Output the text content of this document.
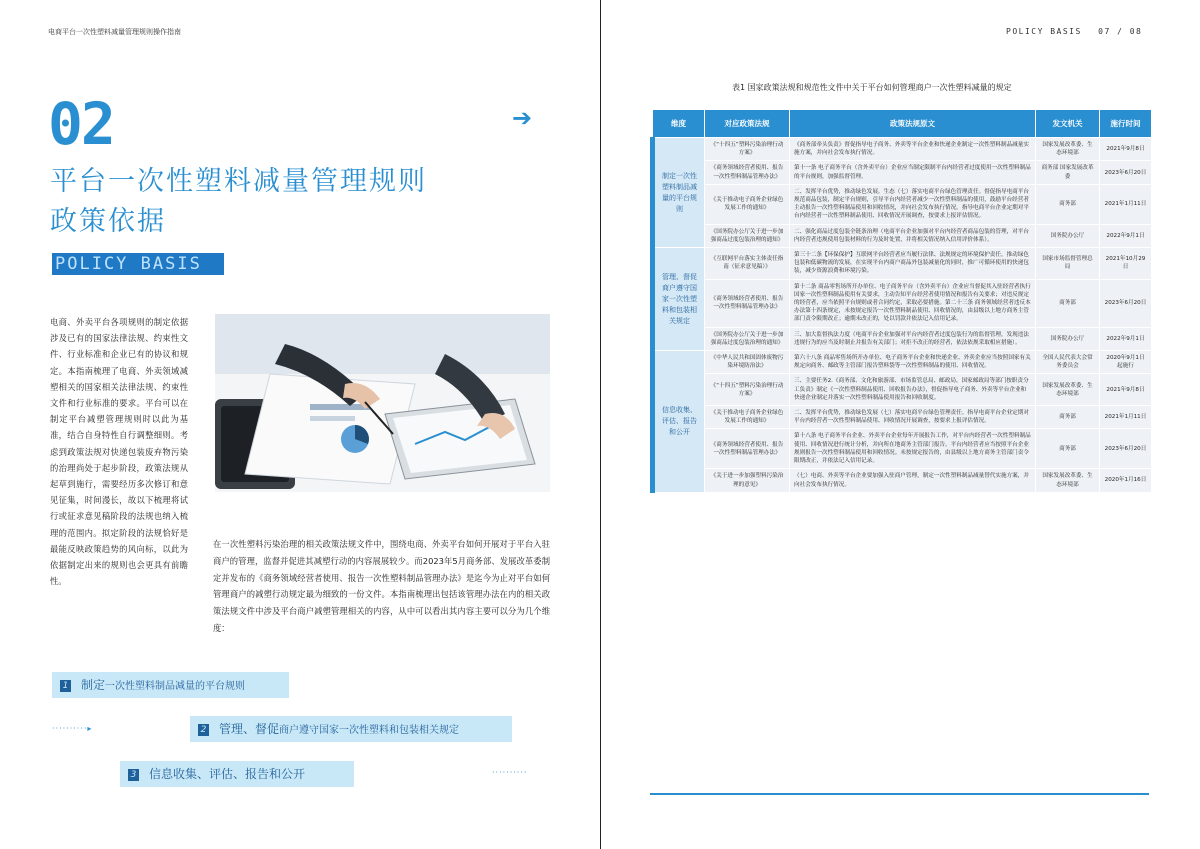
电商平台一次性塑料减量管理规则操作指南
02	➔
平台一次性塑料减量管理规则
政策依据
POLICY BASIS
电商、外卖平台各项规则的制定依据涉及已有的国家法律法规、约束性文件、行业标准和企业已有的协议和规定。本指南梳理了电商、外卖领域减塑相关的国家相关法律法规、约束性文件和行业标准的要求。平台可以在制定平台减塑管理规则时以此为基准，结合自身特性自行调整细则。考虑到政策法规对快递包装废弃物污染的治理尚处于起步阶段，政策法规从起草到施行，需要经历多次修订和意见征集，时间漫长，故以下梳理将试行或征求意见稿阶段的法规也纳入梳理的范围内。拟定阶段的法规恰好是最能反映政策趋势的风向标，以此为依据制定出来的规则也会更具有前瞻性。
在一次性塑料污染治理的相关政策法规文件中，围绕电商、外卖平台如何开展对于平台入驻商户的管理，监督并促进其减塑行动的内容展展较少。而2023年5月商务部、发展改革委制定并发布的《商务领域经营者使用、报告一次性塑料制品管理办法》是迄今为止对平台如何管理商户的减塑行动规定最为细致的一份文件。本指南梳理出包括该管理办法在内的相关政策法规文件中涉及平台商户减塑管理相关的内容，从中可以看出其内容主要可以分为几个维度：
1 制定一次性塑料制品减量的平台规则
··········▸	2 管理、督促商户遵守国家一次性塑料和包装相关规定
3 信息收集、评估、报告和公开	··········
POLICY BASIS 07 / 08
表1 国家政策法规和规范性文件中关于平台如何管理商户一次性塑料减量的规定
维度	对应政策法规	政策法规原文	发文机关	施行时间
制定一次性塑料制品减量的平台规则	《“十四五”塑料污染治理行动方案》	《商务部牵头负责》督促指导电子商务、外卖等平台企业和快递企业制定一次性塑料制品减量实施方案，并向社会发布执行情况。	国家发展改革委、生态环境部	2021年9月8日
	《商务领域经营者使用、报告一次性塑料制品管理办法》	第十一条 电子商务平台（含外卖平台）企业应当制定限制平台内经营者过度使用一次性塑料制品的平台规则，加强监督管理。	商务部 国家发展改革委	2023年6月20日
	《关于推动电子商务企业绿色发展工作的通知》	二、发挥平台优势，推动绿色发展。生态（七）落实电商平台绿色管理责任。督促指导电商平台规范商品包装，制定平台规则，引导平台内经营者减少一次性塑料制品的使用，鼓励平台经营者主动报告一次性塑料制品使用和回收情况，并向社会发布执行情况。指导电商平台企业定期对平台内经营者一次性塑料制品使用、回收情况开展调查，按要求上报评估情况。	商务部	2021年1月11日
	《国务院办公厅关于进一步加强商品过度包装治理的通知》	二、强化商品过度包装全链条治理（电商平台企业加强对平台内经营者商品包装的管理，对平台内经营者违规使用包装材料的行为及时处置，并将相关情况纳入信用评价体系）。	国务院办公厅	2022年9月1日
管理、督促商户遵守国家一次性塑料和包装相关规定	《互联网平台落实主体责任指南（征求意见稿）》	第三十二条【环保保护】互联网平台经营者应当履行法律、法规规定的环境保护责任，推动绿色包装和低碳物流的发展，在实现平台内商户商品外包装减量化的同时，推广可循环使用的快递包装，减少资源浪费和环境污染。	国家市场监督管理总局	2021年10月29日
	《商务领域经营者使用、报告一次性塑料制品管理办法》	第十二条 商品零售场所开办单位、电子商务平台（含外卖平台）企业应当督促其入驻经营者执行国家一次性塑料制品使用有关要求，主动告知平台经营者使用情况和报告有关要求；对违反规定的经营者，应当依照平台规则或者合同约定，采取必要措施。第二十三条 商务领域经营者违反本办法第十四条规定，未按规定报告一次性塑料制品使用、回收情况的，由县级以上地方商务主管部门责令限期改正；逾期未改正的，处以罚款并依法记入信用记录。	商务部	2023年6月20日
	《国务院办公厅关于进一步加强商品过度包装治理的通知》	三、加大监督执法力度（电商平台企业加强对平台内经营者过度包装行为的监督管理，发现违法违规行为的应当及时制止并报告有关部门；对拒不改正的经营者，依法依规采取相应措施）。	国务院办公厅	2022年9月1日
信息收集、评估、报告和公开	《中华人民共和国固体废物污染环境防治法》	第六十八条 商品零售场所开办单位、电子商务平台企业和快递企业、外卖企业应当按照国家有关规定向商务、邮政等主管部门报告塑料袋等一次性塑料制品的使用、回收情况。	全国人民代表大会常务委员会	2020年9月1日起施行
	《“十四五”塑料污染治理行动方案》	三、主要任务2.《商务部、文化和旅游部、市场监管总局、邮政局，国家邮政局等部门按职责分工负责》制定《一次性塑料制品使用、回收报告办法》，督促指导电子商务、外卖等平台企业和快递企业制定并落实一次性塑料制品使用报告和回收制度。	国家发展改革委、生态环境部	2021年9月8日
	《关于推动电子商务企业绿色发展工作的通知》	二、发挥平台优势，推动绿色发展（七）落实电商平台绿色管理责任。指导电商平台企业定期对平台内经营者一次性塑料制品使用、回收情况开展调查，按要求上报评估情况。	商务部	2021年1月11日
	《商务领域经营者使用、报告一次性塑料制品管理办法》	第十八条 电子商务平台企业、外卖平台企业每年开展报告工作，对平台内经营者一次性塑料制品使用、回收情况进行统计分析，并向所在地商务主管部门报告。平台内经营者应当按照平台企业规则报告一次性塑料制品使用和回收情况。未按规定报告的，由县级以上地方商务主管部门责令限期改正，并依法记入信用记录。	商务部	2023年6月20日
	《关于进一步加强塑料污染治理的意见》	（七）电商、外卖等平台企业要加强入驻商户管理，制定一次性塑料制品减量替代实施方案，并向社会发布执行情况。	国家发展改革委、生态环境部	2020年1月16日
